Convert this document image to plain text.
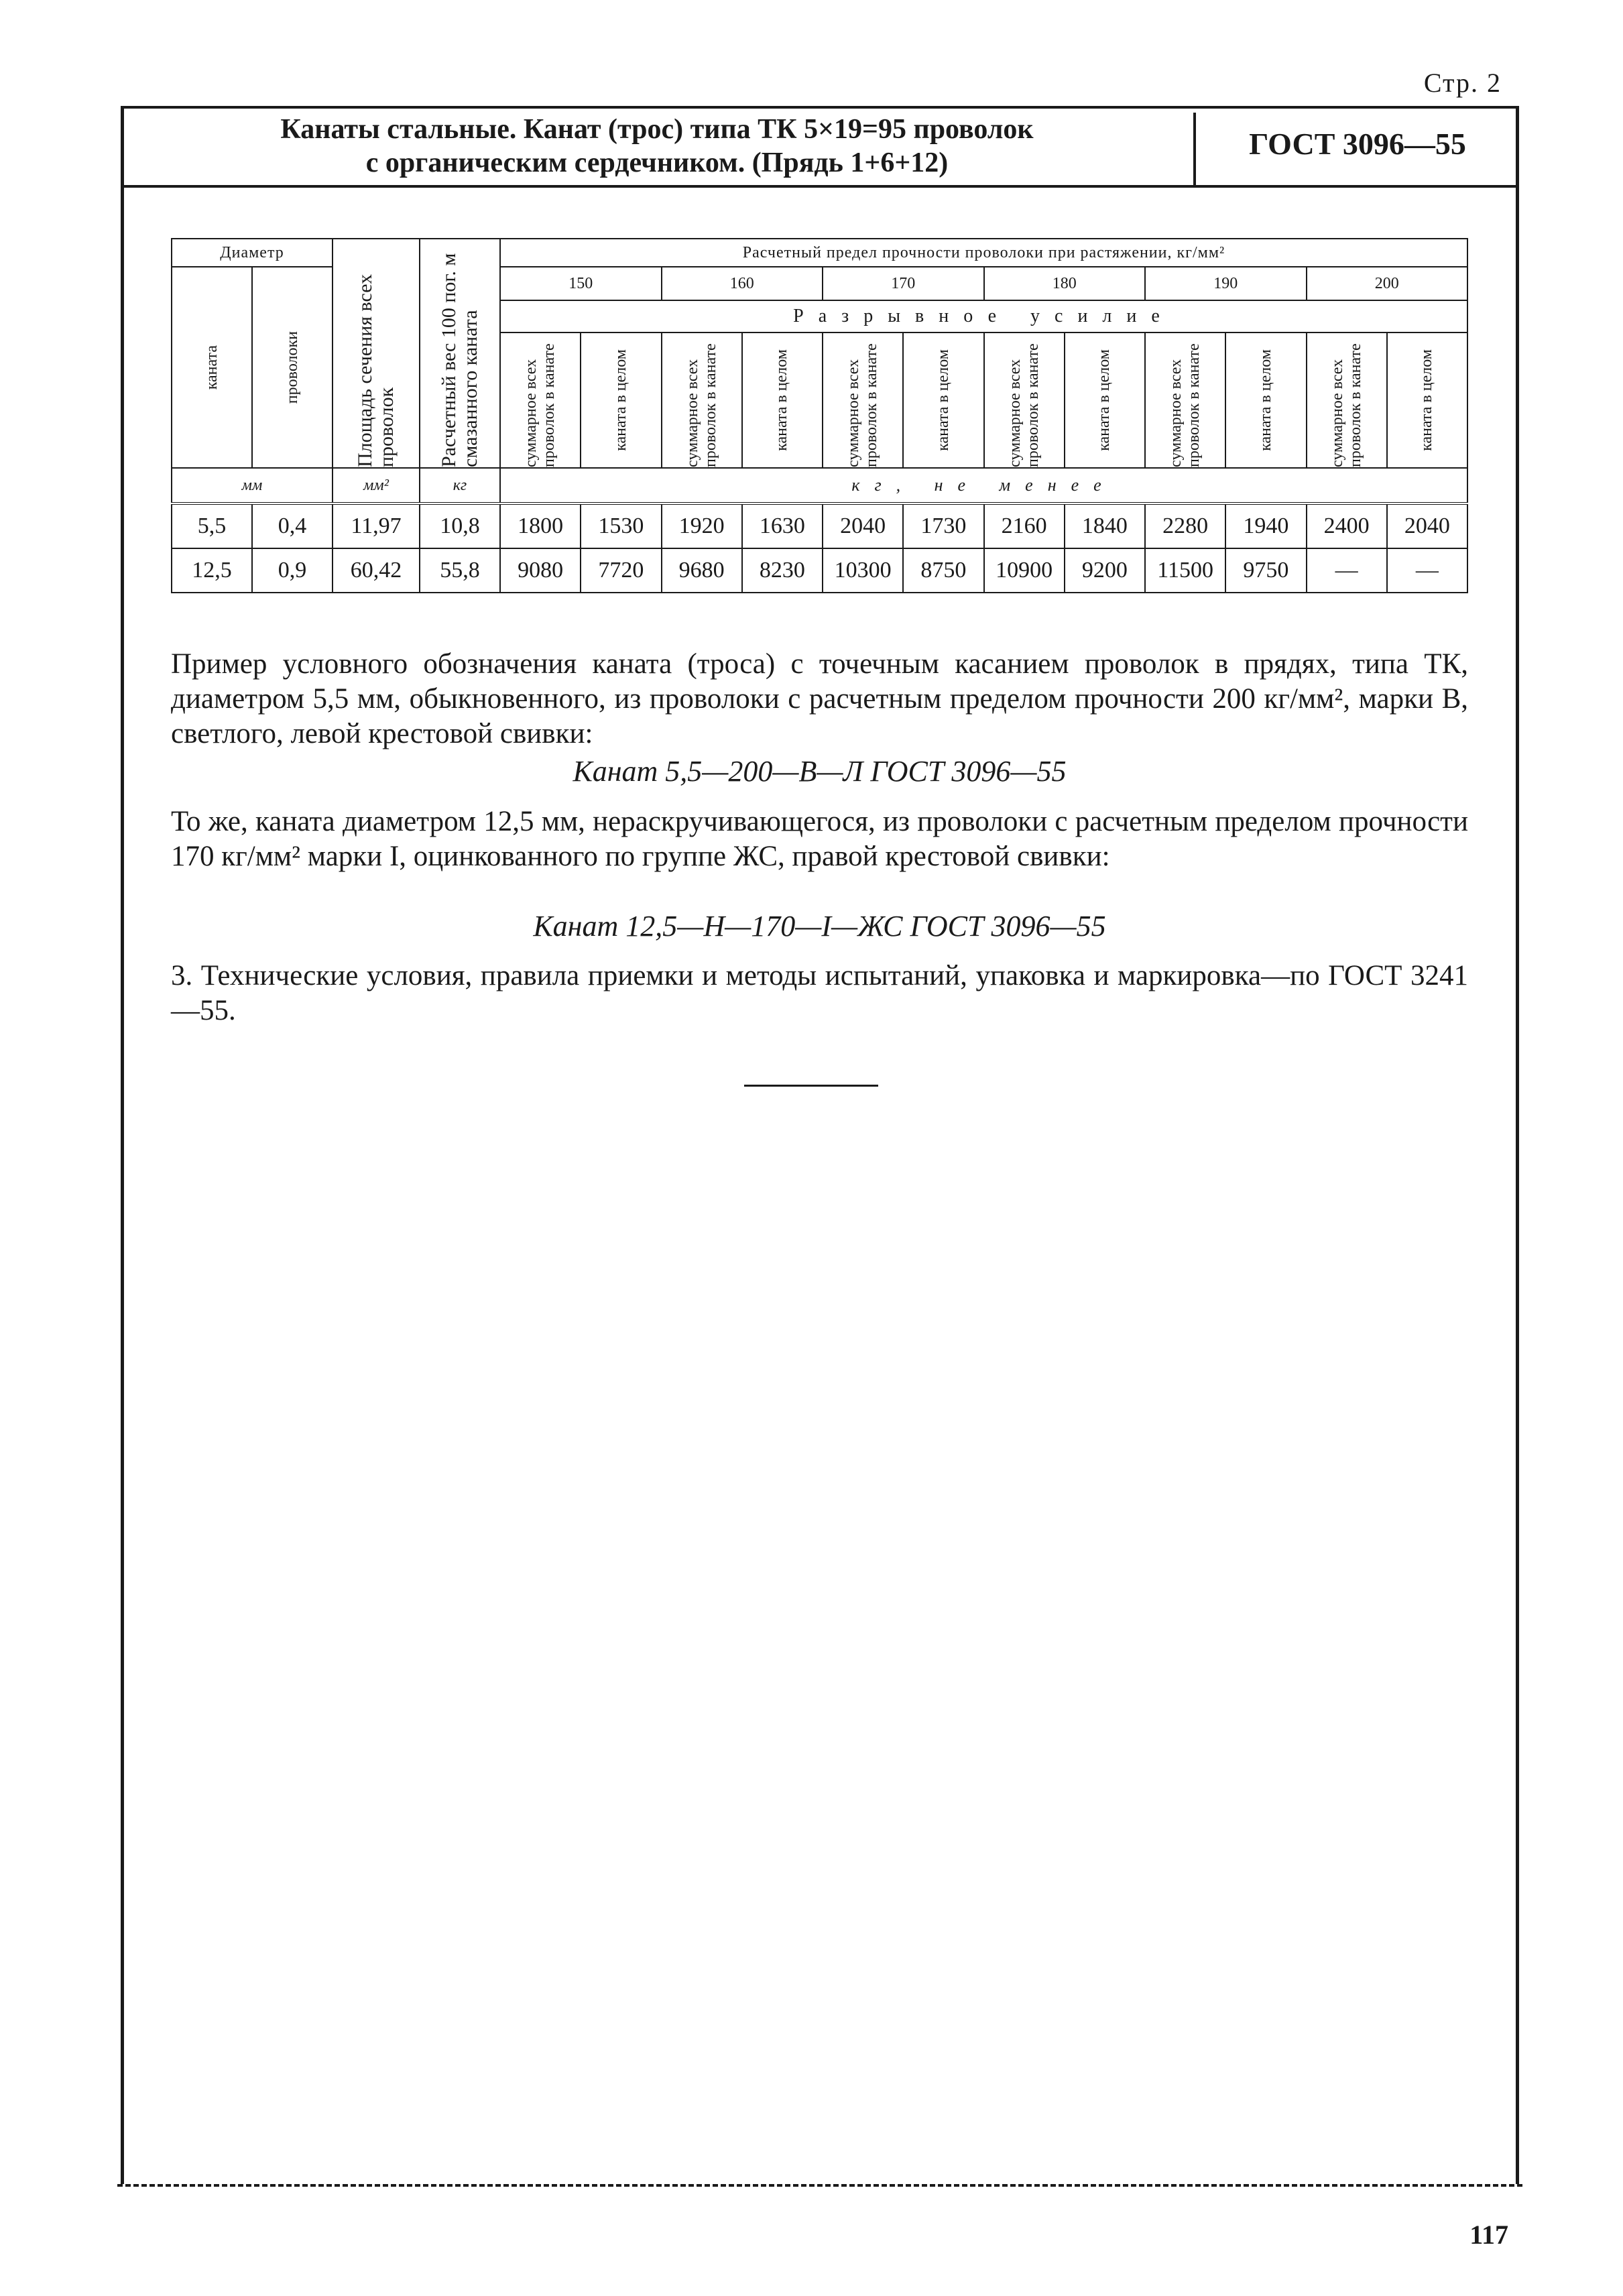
Стр. 2
Канаты стальные. Канат (трос) типа ТК 5×19=95 проволок
с органическим сердечником. (Прядь 1+6+12)
ГОСТ 3096—55
Диаметр		Площадь сечения всех проволок	Расчетный вес 100 пог. м смазанного каната	Расчетный предел прочности проволоки при растяжении, кг/мм²											

каната	проволоки			150		160		170		180		190		200	
				Разрывное усилие											

				суммарное всех проволок в канате	каната в целом	суммарное всех проволок в канате	каната в целом	суммарное всех проволок в канате	каната в целом	суммарное всех проволок в канате	каната в целом	суммарное всех проволок в канате	каната в целом	суммарное всех проволок в канате	каната в целом

мм		мм²	кг	кг, не менее											
5,5	0,4	11,97	10,8	1800	1530	1920	1630	2040	1730	2160	1840	2280	1940	2400	2040
12,5	0,9	60,42	55,8	9080	7720	9680	8230	10300	8750	10900	9200	11500	9750	—	—
Пример условного обозначения каната (троса) с точечным касанием проволок в прядях, типа ТК, диаметром 5,5 мм, обыкновенного, из проволоки с расчетным пределом прочности 200 кг/мм², марки В, светлого, левой крестовой свивки:
Канат 5,5—200—В—Л ГОСТ 3096—55
То же, каната диаметром 12,5 мм, нераскручивающегося, из проволоки с расчетным пределом прочности 170 кг/мм² марки I, оцинкованного по группе ЖС, правой крестовой свивки:
Канат 12,5—Н—170—I—ЖС ГОСТ 3096—55
3. Технические условия, правила приемки и методы испытаний, упаковка и маркировка—по ГОСТ 3241—55.
117
